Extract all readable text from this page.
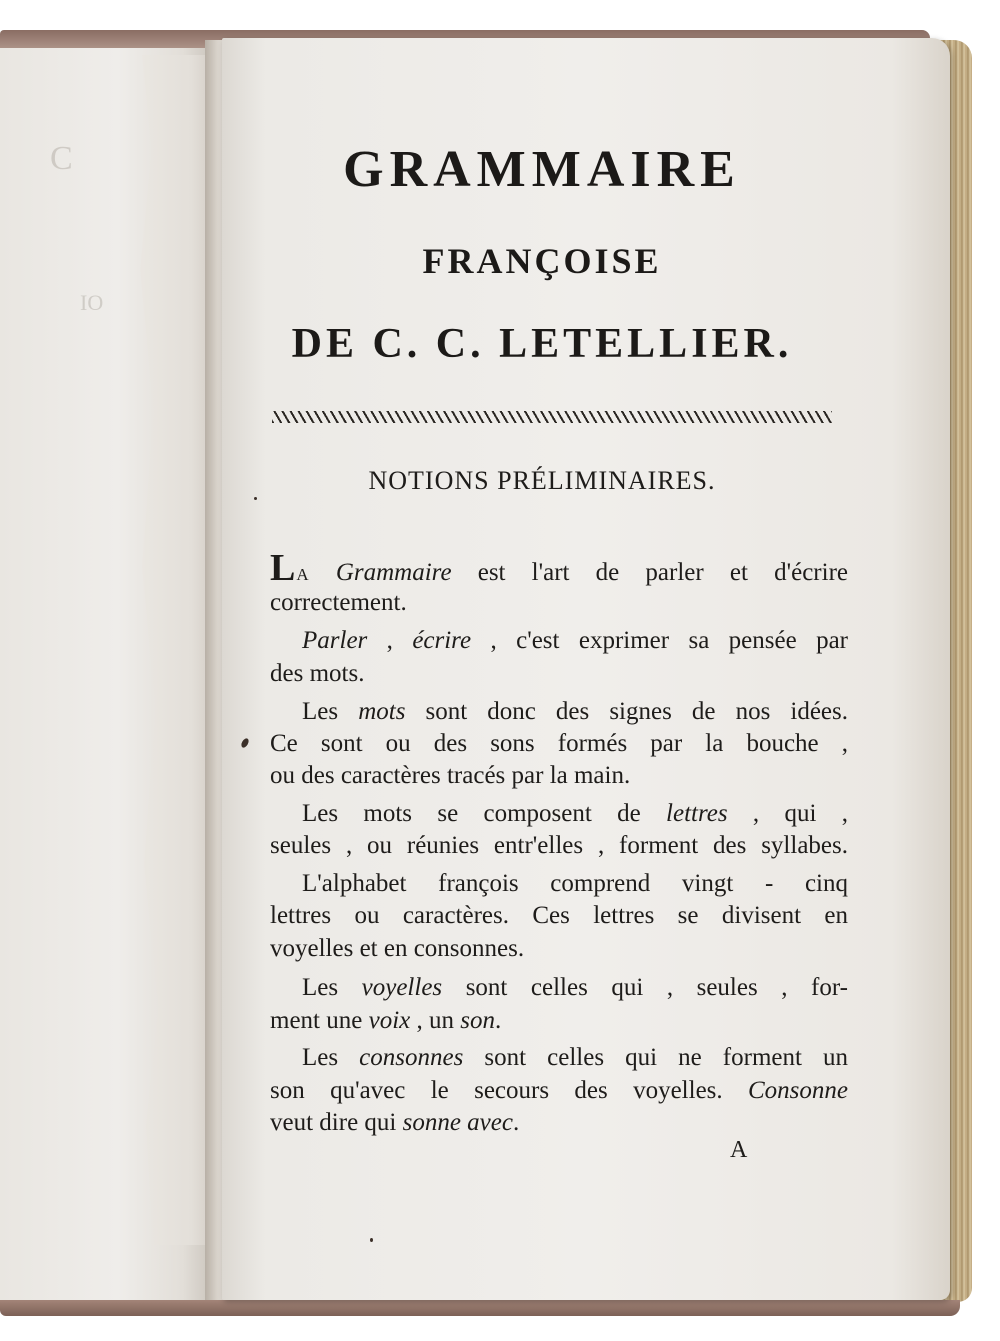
C
IO
GRAMMAIRE
FRANÇOISE
DE C. C. LETELLIER.
NOTIONS PRÉLIMINAIRES.
LA Grammaire est l'art de parler et d'écrire
correctement.
Parler , écrire , c'est exprimer sa pensée par
des mots.
Les mots sont donc des signes de nos idées.
Ce sont ou des sons formés par la bouche ,
ou des caractères tracés par la main.
Les mots se composent de lettres , qui ,
seules , ou réunies entr'elles , forment des syllabes.
L'alphabet françois comprend vingt - cinq
lettres ou caractères. Ces lettres se divisent en
voyelles et en consonnes.
Les voyelles sont celles qui , seules , for-
ment une voix , un son.
Les consonnes sont celles qui ne forment un
son qu'avec le secours des voyelles. Consonne
veut dire qui sonne avec.
A
